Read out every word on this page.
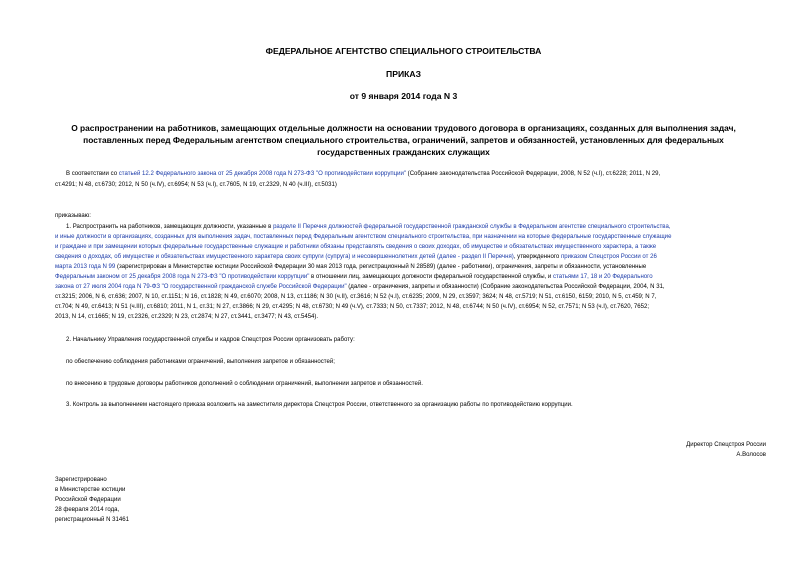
ФЕДЕРАЛЬНОЕ АГЕНТСТВО СПЕЦИАЛЬНОГО СТРОИТЕЛЬСТВА
ПРИКАЗ
от 9 января 2014 года N 3
О распространении на работников, замещающих отдельные должности на основании трудового договора в организациях, созданных для выполнения задач, поставленных перед Федеральным агентством специального строительства, ограничений, запретов и обязанностей, установленных для федеральных государственных гражданских служащих
В соответствии со статьей 12.2 Федерального закона от 25 декабря 2008 года N 273-ФЗ "О противодействии коррупции" (Собрание законодательства Российской Федерации, 2008, N 52 (ч.I), ст.6228; 2011, N 29,
ст.4291; N 48, ст.6730; 2012, N 50 (ч.IV), ст.6954; N 53 (ч.I), ст.7605, N 19, ст.2329, N 40 (ч.III), ст.5031)
приказываю:
1. Распространить на работников, замещающих должности, указанные в разделе II Перечня должностей федеральной государственной гражданской службы в Федеральном агентстве специального строительства,
и иные должности в организациях, созданных для выполнения задач, поставленных перед Федеральным агентством специального строительства, при назначении на которые федеральные государственные служащие
и граждане и при замещении которых федеральные государственные служащие и работники обязаны представлять сведения о своих доходах, об имуществе и обязательствах имущественного характера, а также
сведения о доходах, об имуществе и обязательствах имущественного характера своих супруги (супруга) и несовершеннолетних детей (далее - раздел II Перечня), утвержденного приказом Спецстроя России от 26
марта 2013 года N 99 (зарегистрирован в Министерстве юстиции Российской Федерации 30 мая 2013 года, регистрационный N 28589) (далее - работники), ограничения, запреты и обязанности, установленные
Федеральным законом от 25 декабря 2008 года N 273-ФЗ "О противодействии коррупции" в отношении лиц, замещающих должности федеральной государственной службы, и статьями 17, 18 и 20 Федерального
закона от 27 июля 2004 года N 79-ФЗ "О государственной гражданской службе Российской Федерации" (далее - ограничения, запреты и обязанности) (Собрание законодательства Российской Федерации, 2004, N 31,
ст.3215; 2006, N 6, ст.636; 2007, N 10, ст.1151; N 16, ст.1828; N 49, ст.6070; 2008, N 13, ст.1186; N 30 (ч.II), ст.3616; N 52 (ч.I), ст.6235; 2009, N 29, ст.3597; 3624; N 48, ст.5719; N 51, ст.6150, 6159; 2010, N 5, ст.459; N 7,
ст.704; N 49, ст.6413; N 51 (ч.III), ст.6810; 2011, N 1, ст.31; N 27, ст.3866; N 29, ст.4295; N 48, ст.6730; N 49 (ч.V), ст.7333; N 50, ст.7337; 2012, N 48, ст.6744; N 50 (ч.IV), ст.6954; N 52, ст.7571; N 53 (ч.I), ст.7620, 7652;
2013, N 14, ст.1665; N 19, ст.2326, ст.2329; N 23, ст.2874; N 27, ст.3441, ст.3477; N 43, ст.5454).
2. Начальнику Управления государственной службы и кадров Спецстроя России организовать работу:
по обеспечению соблюдения работниками ограничений, выполнения запретов и обязанностей;
по внесению в трудовые договоры работников дополнений о соблюдении ограничений, выполнении запретов и обязанностей.
3. Контроль за выполнением настоящего приказа возложить на заместителя директора Спецстроя России, ответственного за организацию работы по противодействию коррупции.
Директор Спецстроя России
А.Волосов
Зарегистрировано
в Министерстве юстиции
Российской Федерации
28 февраля 2014 года,
регистрационный N 31461
